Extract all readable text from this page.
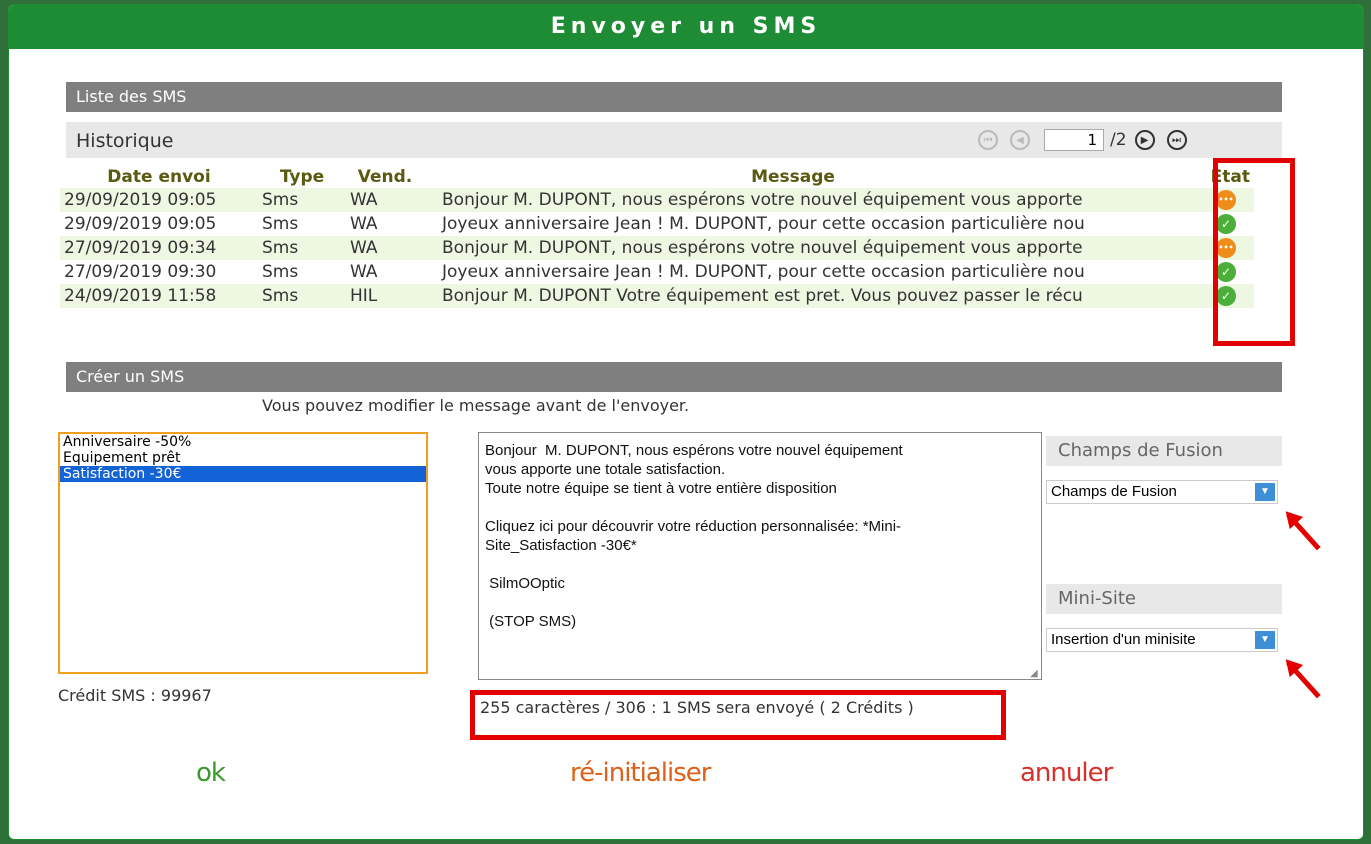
Envoyer un SMS
Liste des SMS
Historique	⏮	◀	1 /2	▶	⏭
Date envoi	Type	Vend.	Message	Etat
29/09/2019 09:05	Sms	WA	Bonjour M. DUPONT, nous espérons votre nouvel équipement vous apporte	•••

29/09/2019 09:05	Sms	WA	Joyeux anniversaire Jean ! M. DUPONT, pour cette occasion particulière nou	✓

27/09/2019 09:34	Sms	WA	Bonjour M. DUPONT, nous espérons votre nouvel équipement vous apporte	•••

27/09/2019 09:30	Sms	WA	Joyeux anniversaire Jean ! M. DUPONT, pour cette occasion particulière nou	✓

24/09/2019 11:58	Sms	HIL	Bonjour M. DUPONT Votre équipement est pret. Vous pouvez passer le récu	✓
Créer un SMS
Vous pouvez modifier le message avant de l'envoyer.
Anniversaire -50%
Equipement prêt
Satisfaction -30€
Bonjour  M. DUPONT, nous espérons votre nouvel équipement
vous apporte une totale satisfaction.
Toute notre équipe se tient à votre entière disposition

Cliquez ici pour découvrir votre réduction personnalisée: *Mini-
Site_Satisfaction -30€*

SilmOOptic

(STOP SMS)
◢
Champs de Fusion
Champs de Fusion	▼
Mini-Site
Insertion d'un minisite	▼
Crédit SMS : 99967
255 caractères / 306 : 1 SMS sera envoyé ( 2 Crédits )
ok	ré-initialiser	annuler
